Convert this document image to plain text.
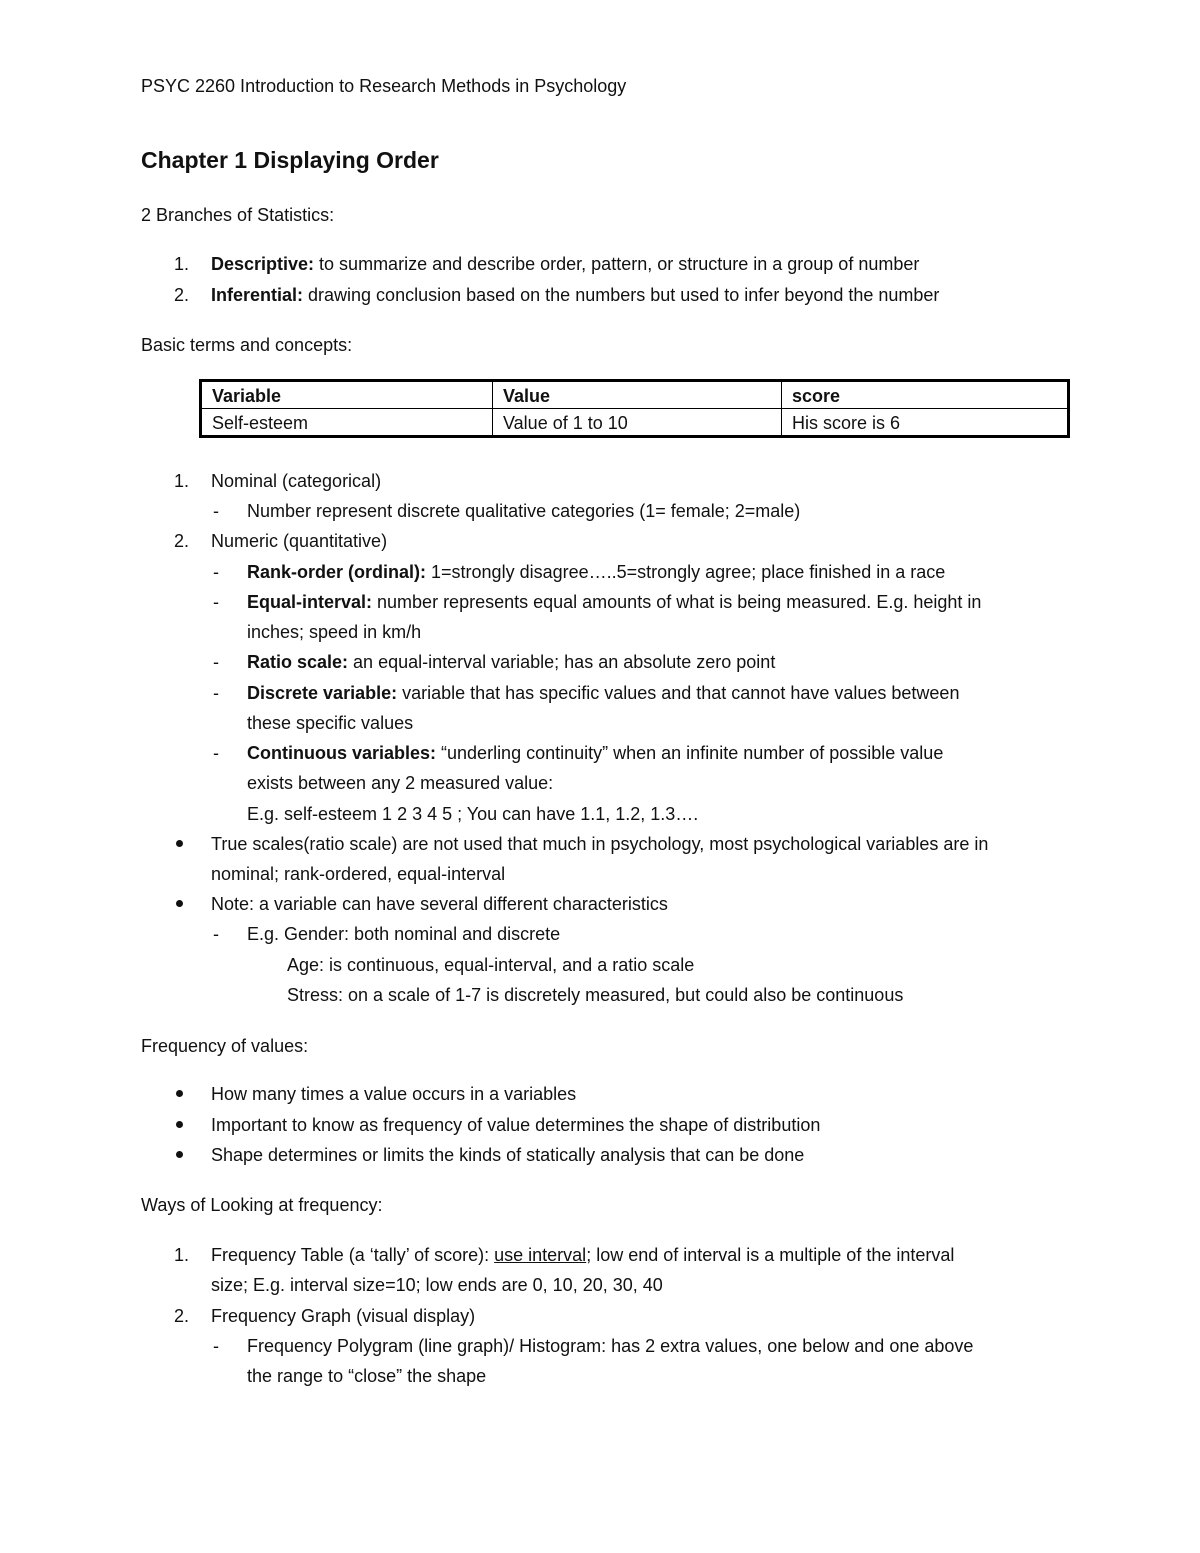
PSYC 2260 Introduction to Research Methods in Psychology
Chapter 1 Displaying Order
2 Branches of Statistics:
1. Descriptive: to summarize and describe order, pattern, or structure in a group of number
2. Inferential: drawing conclusion based on the numbers but used to infer beyond the number
Basic terms and concepts:
Variable	Value	score
Self-esteem	Value of 1 to 10	His score is 6
1. Nominal (categorical)
- Number represent discrete qualitative categories (1= female; 2=male)
2. Numeric (quantitative)
- Rank-order (ordinal): 1=strongly disagree…..5=strongly agree; place finished in a race
- Equal-interval: number represents equal amounts of what is being measured. E.g. height in
inches; speed in km/h
- Ratio scale: an equal-interval variable; has an absolute zero point
- Discrete variable: variable that has specific values and that cannot have values between
these specific values
- Continuous variables: “underling continuity” when an infinite number of possible value
exists between any 2 measured value:
E.g. self-esteem 1 2 3 4 5 ; You can have 1.1, 1.2, 1.3….
True scales(ratio scale) are not used that much in psychology, most psychological variables are in
nominal; rank-ordered, equal-interval
Note: a variable can have several different characteristics
- E.g. Gender: both nominal and discrete
Age: is continuous, equal-interval, and a ratio scale
Stress: on a scale of 1-7 is discretely measured, but could also be continuous
Frequency of values:
How many times a value occurs in a variables
Important to know as frequency of value determines the shape of distribution
Shape determines or limits the kinds of statically analysis that can be done
Ways of Looking at frequency:
1. Frequency Table (a ‘tally’ of score): use interval; low end of interval is a multiple of the interval
size; E.g. interval size=10; low ends are 0, 10, 20, 30, 40
2. Frequency Graph (visual display)
- Frequency Polygram (line graph)/ Histogram: has 2 extra values, one below and one above
the range to “close” the shape
